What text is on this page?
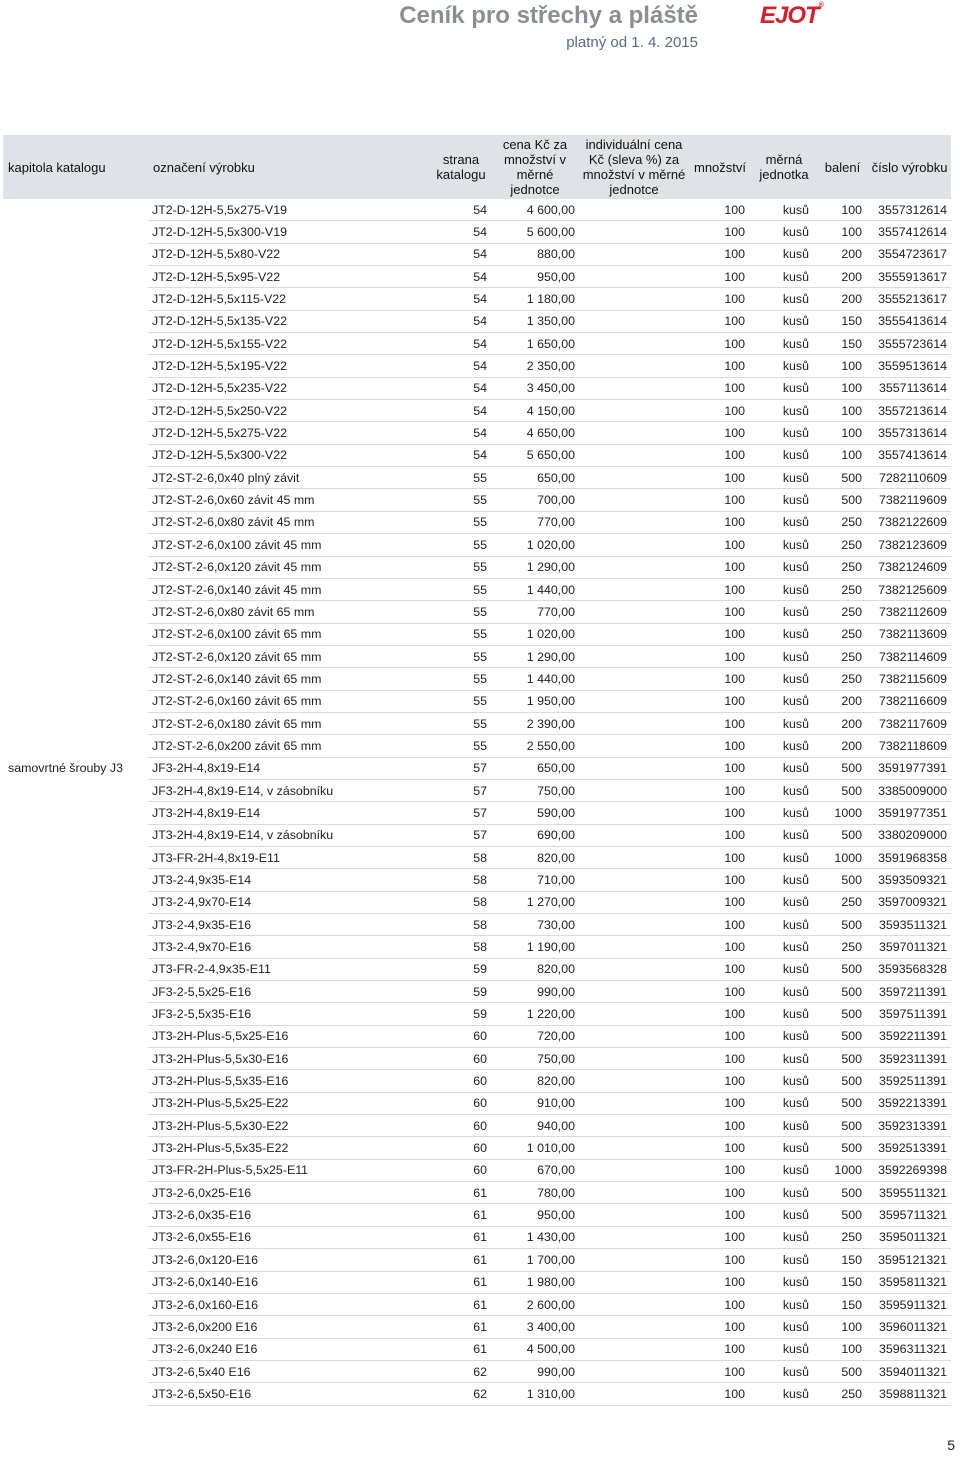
Ceník pro střechy a pláště
platný od 1. 4. 2015
EJOT®
kapitola katalogu	označení výrobku	strana katalogu	cena Kč za množství v měrné jednotce	individuální cena Kč (sleva %) za množství v měrné jednotce	množství	měrná jednotka	balení	číslo výrobku
	JT2-D-12H-5,5x275-V19	54	4 600,00		100	kusů	100	3557312614
	JT2-D-12H-5,5x300-V19	54	5 600,00		100	kusů	100	3557412614
	JT2-D-12H-5,5x80-V22	54	880,00		100	kusů	200	3554723617
	JT2-D-12H-5,5x95-V22	54	950,00		100	kusů	200	3555913617
	JT2-D-12H-5,5x115-V22	54	1 180,00		100	kusů	200	3555213617
	JT2-D-12H-5,5x135-V22	54	1 350,00		100	kusů	150	3555413614
	JT2-D-12H-5,5x155-V22	54	1 650,00		100	kusů	150	3555723614
	JT2-D-12H-5,5x195-V22	54	2 350,00		100	kusů	100	3559513614
	JT2-D-12H-5,5x235-V22	54	3 450,00		100	kusů	100	3557113614
	JT2-D-12H-5,5x250-V22	54	4 150,00		100	kusů	100	3557213614
	JT2-D-12H-5,5x275-V22	54	4 650,00		100	kusů	100	3557313614
	JT2-D-12H-5,5x300-V22	54	5 650,00		100	kusů	100	3557413614
	JT2-ST-2-6,0x40 plný závit	55	650,00		100	kusů	500	7282110609
	JT2-ST-2-6,0x60 závit 45 mm	55	700,00		100	kusů	500	7382119609
	JT2-ST-2-6,0x80 závit 45 mm	55	770,00		100	kusů	250	7382122609
	JT2-ST-2-6,0x100 závit 45 mm	55	1 020,00		100	kusů	250	7382123609
	JT2-ST-2-6,0x120 závit 45 mm	55	1 290,00		100	kusů	250	7382124609
	JT2-ST-2-6,0x140 závit 45 mm	55	1 440,00		100	kusů	250	7382125609
	JT2-ST-2-6,0x80 závit 65 mm	55	770,00		100	kusů	250	7382112609
	JT2-ST-2-6,0x100 závit 65 mm	55	1 020,00		100	kusů	250	7382113609
	JT2-ST-2-6,0x120 závit 65 mm	55	1 290,00		100	kusů	250	7382114609
	JT2-ST-2-6,0x140 závit 65 mm	55	1 440,00		100	kusů	250	7382115609
	JT2-ST-2-6,0x160 závit 65 mm	55	1 950,00		100	kusů	200	7382116609
	JT2-ST-2-6,0x180 závit 65 mm	55	2 390,00		100	kusů	200	7382117609
	JT2-ST-2-6,0x200 závit 65 mm	55	2 550,00		100	kusů	200	7382118609
samovrtné šrouby J3	JF3-2H-4,8x19-E14	57	650,00		100	kusů	500	3591977391
	JF3-2H-4,8x19-E14, v zásobníku	57	750,00		100	kusů	500	3385009000
	JT3-2H-4,8x19-E14	57	590,00		100	kusů	1000	3591977351
	JT3-2H-4,8x19-E14, v zásobníku	57	690,00		100	kusů	500	3380209000
	JT3-FR-2H-4,8x19-E11	58	820,00		100	kusů	1000	3591968358
	JT3-2-4,9x35-E14	58	710,00		100	kusů	500	3593509321
	JT3-2-4,9x70-E14	58	1 270,00		100	kusů	250	3597009321
	JT3-2-4,9x35-E16	58	730,00		100	kusů	500	3593511321
	JT3-2-4,9x70-E16	58	1 190,00		100	kusů	250	3597011321
	JT3-FR-2-4,9x35-E11	59	820,00		100	kusů	500	3593568328
	JF3-2-5,5x25-E16	59	990,00		100	kusů	500	3597211391
	JF3-2-5,5x35-E16	59	1 220,00		100	kusů	500	3597511391
	JT3-2H-Plus-5,5x25-E16	60	720,00		100	kusů	500	3592211391
	JT3-2H-Plus-5,5x30-E16	60	750,00		100	kusů	500	3592311391
	JT3-2H-Plus-5,5x35-E16	60	820,00		100	kusů	500	3592511391
	JT3-2H-Plus-5,5x25-E22	60	910,00		100	kusů	500	3592213391
	JT3-2H-Plus-5,5x30-E22	60	940,00		100	kusů	500	3592313391
	JT3-2H-Plus-5,5x35-E22	60	1 010,00		100	kusů	500	3592513391
	JT3-FR-2H-Plus-5,5x25-E11	60	670,00		100	kusů	1000	3592269398
	JT3-2-6,0x25-E16	61	780,00		100	kusů	500	3595511321
	JT3-2-6,0x35-E16	61	950,00		100	kusů	500	3595711321
	JT3-2-6,0x55-E16	61	1 430,00		100	kusů	250	3595011321
	JT3-2-6,0x120-E16	61	1 700,00		100	kusů	150	3595121321
	JT3-2-6,0x140-E16	61	1 980,00		100	kusů	150	3595811321
	JT3-2-6,0x160-E16	61	2 600,00		100	kusů	150	3595911321
	JT3-2-6,0x200 E16	61	3 400,00		100	kusů	100	3596011321
	JT3-2-6,0x240 E16	61	4 500,00		100	kusů	100	3596311321
	JT3-2-6,5x40 E16	62	990,00		100	kusů	500	3594011321
	JT3-2-6,5x50-E16	62	1 310,00		100	kusů	250	3598811321
5
